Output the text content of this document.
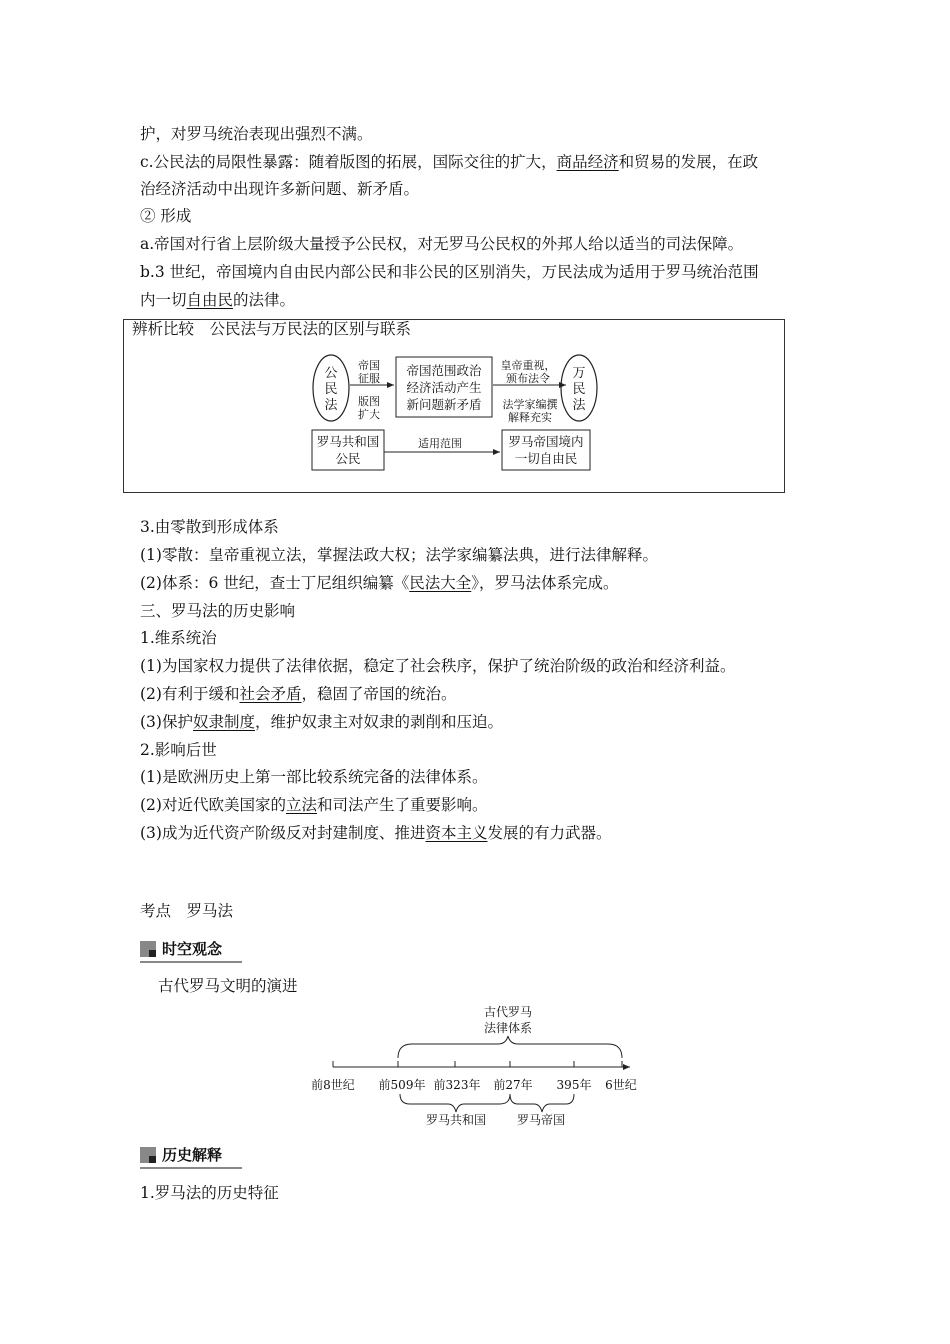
护，对罗马统治表现出强烈不满。
c.公民法的局限性暴露：随着版图的拓展，国际交往的扩大，商品经济和贸易的发展，在政
治经济活动中出现许多新问题、新矛盾。
② 形成
a.帝国对行省上层阶级大量授予公民权，对无罗马公民权的外邦人给以适当的司法保障。
b.3 世纪，帝国境内自由民内部公民和非公民的区别消失，万民法成为适用于罗马统治范围
内一切自由民的法律。
辨析比较　公民法与万民法的区别与联系
公
民
法
帝国
征服
版图
扩大
帝国范围政治
经济活动产生
新问题新矛盾
皇帝重视，
颁布法令
法学家编撰
解释充实
万
民
法
罗马共和国
公民
适用范围	罗马帝国境内
一切自由民
3.由零散到形成体系
(1)零散：皇帝重视立法，掌握法政大权；法学家编纂法典，进行法律解释。
(2)体系：6 世纪，查士丁尼组织编纂《民法大全》，罗马法体系完成。
三、罗马法的历史影响
1.维系统治
(1)为国家权力提供了法律依据，稳定了社会秩序，保护了统治阶级的政治和经济利益。
(2)有利于缓和社会矛盾，稳固了帝国的统治。
(3)保护奴隶制度，维护奴隶主对奴隶的剥削和压迫。
2.影响后世
(1)是欧洲历史上第一部比较系统完备的法律体系。
(2)对近代欧美国家的立法和司法产生了重要影响。
(3)成为近代资产阶级反对封建制度、推进资本主义发展的有力武器。
考点　罗马法
时空观念
古代罗马文明的演进
古代罗马
法律体系
前8世纪 前509年 前323年 前27年 395年 6世纪
罗马共和国	罗马帝国
历史解释
1.罗马法的历史特征
